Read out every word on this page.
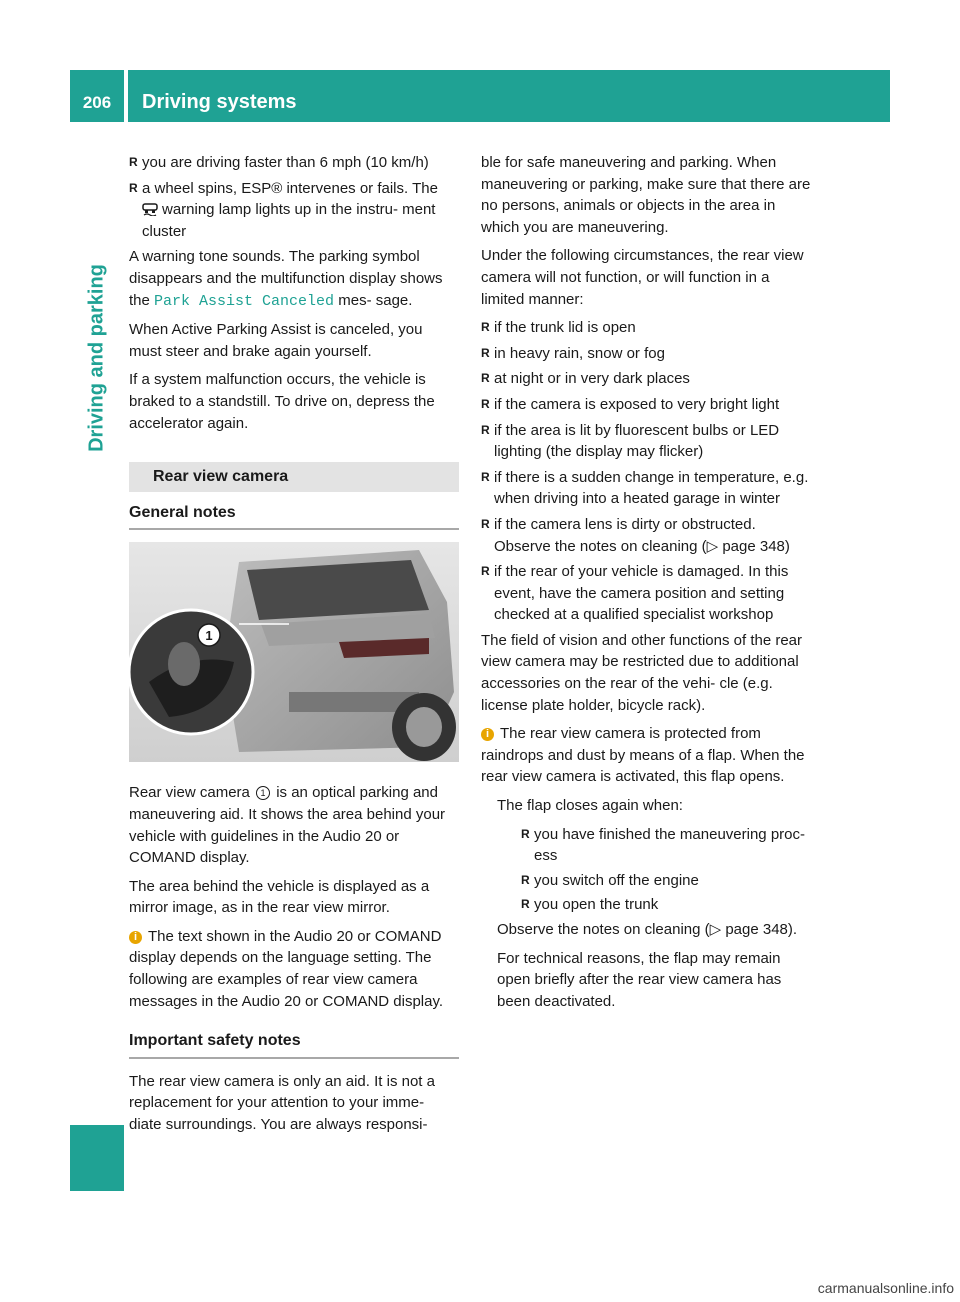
206	Driving systems
Driving and parking
R you are driving faster than 6 mph (10 km/h)
R a wheel spins, ESP® intervenes or fails. The
warning lamp lights up in the instru- ment cluster

A warning tone sounds. The parking symbol disappears and the multifunction display shows the Park Assist Canceled mes- sage.

When Active Parking Assist is canceled, you must steer and brake again yourself.

If a system malfunction occurs, the vehicle is braked to a standstill. To drive on, depress the accelerator again.

Rear view camera
General notes
1

Rear view camera 1 is an optical parking and maneuvering aid. It shows the area behind your vehicle with guidelines in the Audio 20 or COMAND display.

The area behind the vehicle is displayed as a mirror image, as in the rear view mirror.

i The text shown in the Audio 20 or COMAND display depends on the language setting. The following are examples of rear view camera messages in the Audio 20 or COMAND display.
Important safety notes

The rear view camera is only an aid. It is not a replacement for your attention to your imme- diate surroundings. You are always responsi-

ble for safe maneuvering and parking. When maneuvering or parking, make sure that there are no persons, animals or objects in the area in which you are maneuvering.

Under the following circumstances, the rear view camera will not function, or will function in a limited manner:

R if the trunk lid is open
R in heavy rain, snow or fog
R at night or in very dark places
R if the camera is exposed to very bright light
R if the area is lit by fluorescent bulbs or LED lighting (the display may flicker)
R if there is a sudden change in temperature, e.g. when driving into a heated garage in winter
R if the camera lens is dirty or obstructed. Observe the notes on cleaning (▷ page 348)
R if the rear of your vehicle is damaged. In this event, have the camera position and setting checked at a qualified specialist workshop

The field of vision and other functions of the rear view camera may be restricted due to additional accessories on the rear of the vehi- cle (e.g. license plate holder, bicycle rack).

i The rear view camera is protected from raindrops and dust by means of a flap. When the rear view camera is activated, this flap opens.

The flap closes again when:

R you have finished the maneuvering proc- ess
R you switch off the engine
R you open the trunk

Observe the notes on cleaning (▷ page 348).

For technical reasons, the flap may remain open briefly after the rear view camera has been deactivated.

carmanualsonline.info
